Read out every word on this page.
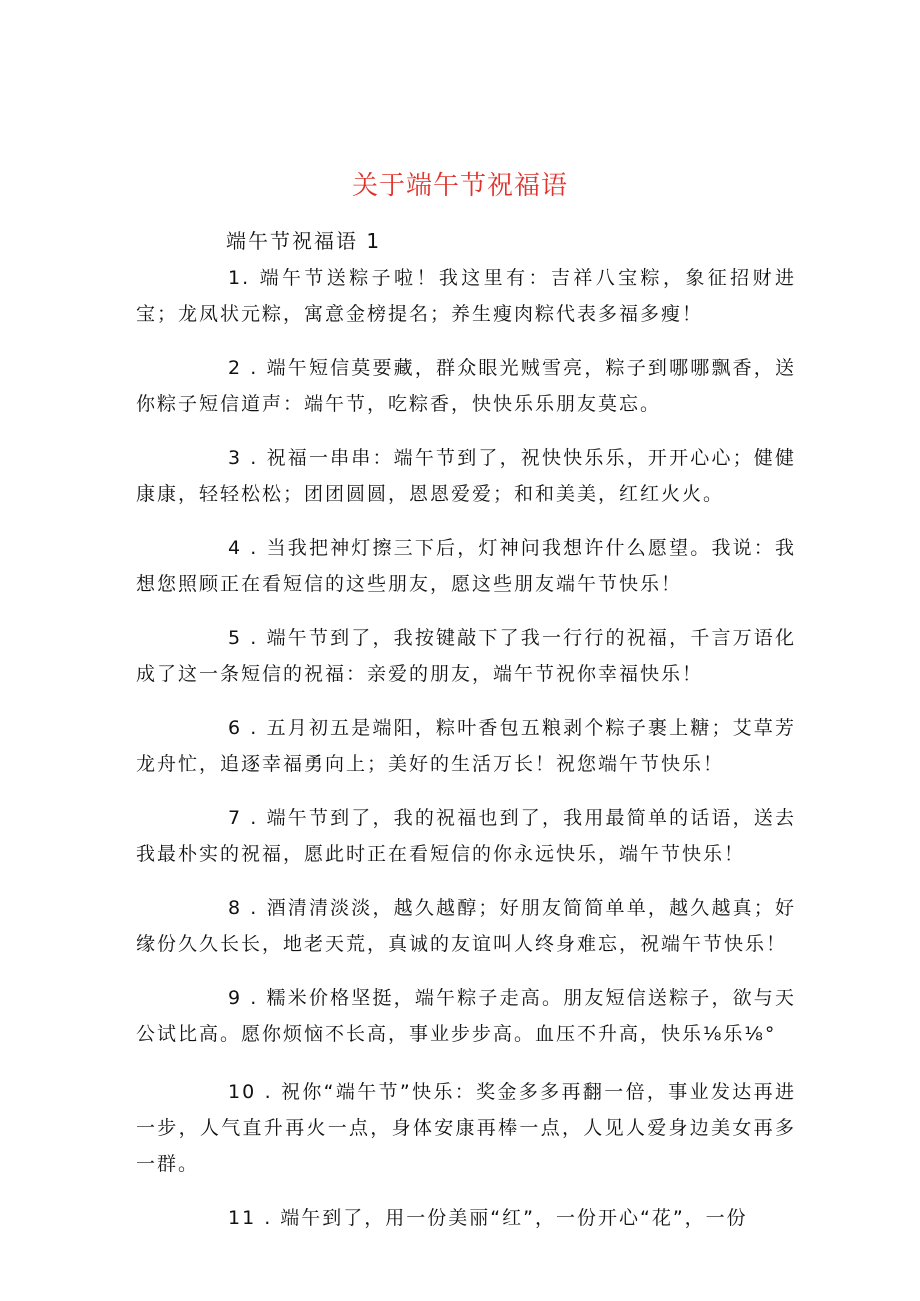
关于端午节祝福语
端午节祝福语 1

1. 端午节送粽子啦！我这里有：吉祥八宝粽，象征招财进宝；龙凤状元粽，寓意金榜提名；养生瘦肉粽代表多福多瘦！

2 . 端午短信莫要藏，群众眼光贼雪亮，粽子到哪哪飘香，送你粽子短信道声：端午节，吃粽香，快快乐乐朋友莫忘。

3 . 祝福一串串：端午节到了，祝快快乐乐，开开心心；健健康康，轻轻松松；团团圆圆，恩恩爱爱；和和美美，红红火火。

4 . 当我把神灯擦三下后，灯神问我想许什么愿望。我说：我想您照顾正在看短信的这些朋友，愿这些朋友端午节快乐！

5 . 端午节到了，我按键敲下了我一行行的祝福，千言万语化成了这一条短信的祝福：亲爱的朋友，端午节祝你幸福快乐！

6 . 五月初五是端阳，粽叶香包五粮剥个粽子裹上糖；艾草芳龙舟忙，追逐幸福勇向上；美好的生活万长！祝您端午节快乐！

7 . 端午节到了，我的祝福也到了，我用最简单的话语，送去我最朴实的祝福，愿此时正在看短信的你永远快乐，端午节快乐！

8 . 酒清清淡淡，越久越醇；好朋友简简单单，越久越真；好缘份久久长长，地老天荒，真诚的友谊叫人终身难忘，祝端午节快乐！

9 . 糯米价格坚挺，端午粽子走高。朋友短信送粽子，欲与天公试比高。愿你烦恼不长高，事业步步高。血压不升高，快乐⅛乐⅛°

10 . 祝你“端午节”快乐：奖金多多再翻一倍，事业发达再进一步，人气直升再火一点，身体安康再棒一点，人见人爱身边美女再多一群。

11 . 端午到了，用一份美丽“红”，一份开心“花”，一份
